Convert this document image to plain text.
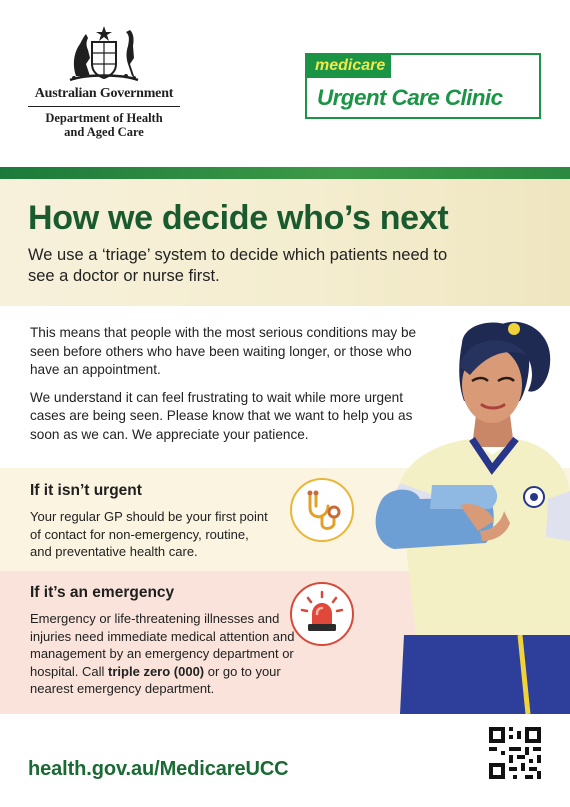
Australian Government
Department of Health
and Aged Care
medicare
Urgent Care Clinic
How we decide who’s next
We use a ‘triage’ system to decide which patients need to see a doctor or nurse first.

This means that people with the most serious conditions may be seen before others who have been waiting longer, or those who have an appointment.

We understand it can feel frustrating to wait while more urgent cases are being seen. Please know that we want to help you as soon as we can. We appreciate your patience.

If it isn’t urgent
Your regular GP should be your first point of contact for non-emergency, routine, and preventative health care.
If it’s an emergency
Emergency or life-threatening illnesses and injuries need immediate medical attention and management by an emergency department or hospital. Call triple zero (000) or go to your nearest emergency department.
health.gov.au/MedicareUCC
